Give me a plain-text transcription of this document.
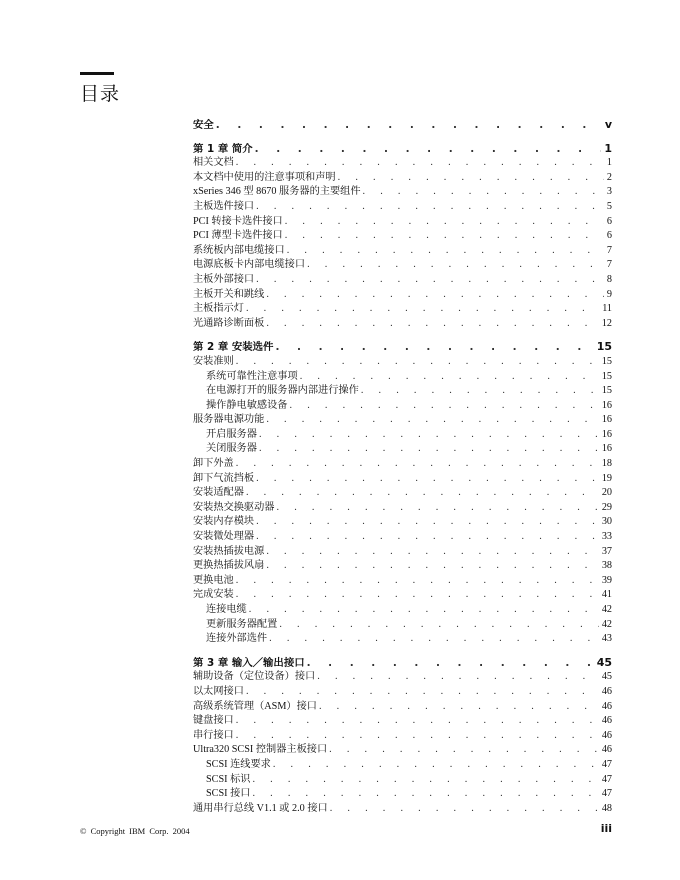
目录
安全 . . .	v
第 1 章 简介 . . .	1
相关文档 . . .	1
本文档中使用的注意事项和声明 . . .	2
xSeries 346 型 8670 服务器的主要组件 . . .	3
主板选件接口 . . .	5
PCI 转接卡选件接口 . . .	6
PCI 薄型卡选件接口 . . .	6
系统板内部电缆接口 . . .	7
电源底板卡内部电缆接口 . . .	7
主板外部接口 . . .	8
主板开关和跳线 . . .	9
主板指示灯 . . .	11
光通路诊断面板 . . .	12
第 2 章 安装选件 . . .	15
安装准则 . . .	15
系统可靠性注意事项 . . .	15
在电源打开的服务器内部进行操作 . . .	15
操作静电敏感设备 . . .	16
服务器电源功能 . . .	16
开启服务器 . . .	16
关闭服务器 . . .	16
卸下外盖 . . .	18
卸下气流挡板 . . .	19
安装适配器 . . .	20
安装热交换驱动器 . . .	29
安装内存模块 . . .	30
安装微处理器 . . .	33
安装热插拔电源 . . .	37
更换热插拔风扇 . . .	38
更换电池 . . .	39
完成安装 . . .	41
连接电缆 . . .	42
更新服务器配置 . . .	42
连接外部选件 . . .	43
第 3 章 输入／输出接口 . . .	45
辅助设备（定位设备）接口 . . .	45
以太网接口 . . .	46
高级系统管理（ASM）接口 . . .	46
键盘接口 . . .	46
串行接口 . . .	46
Ultra320 SCSI 控制器主板接口 . . .	46
SCSI 连线要求 . . .	47
SCSI 标识 . . .	47
SCSI 接口 . . .	47
通用串行总线 V1.1 或 2.0 接口 . . .	48
© Copyright IBM Corp. 2004	iii
